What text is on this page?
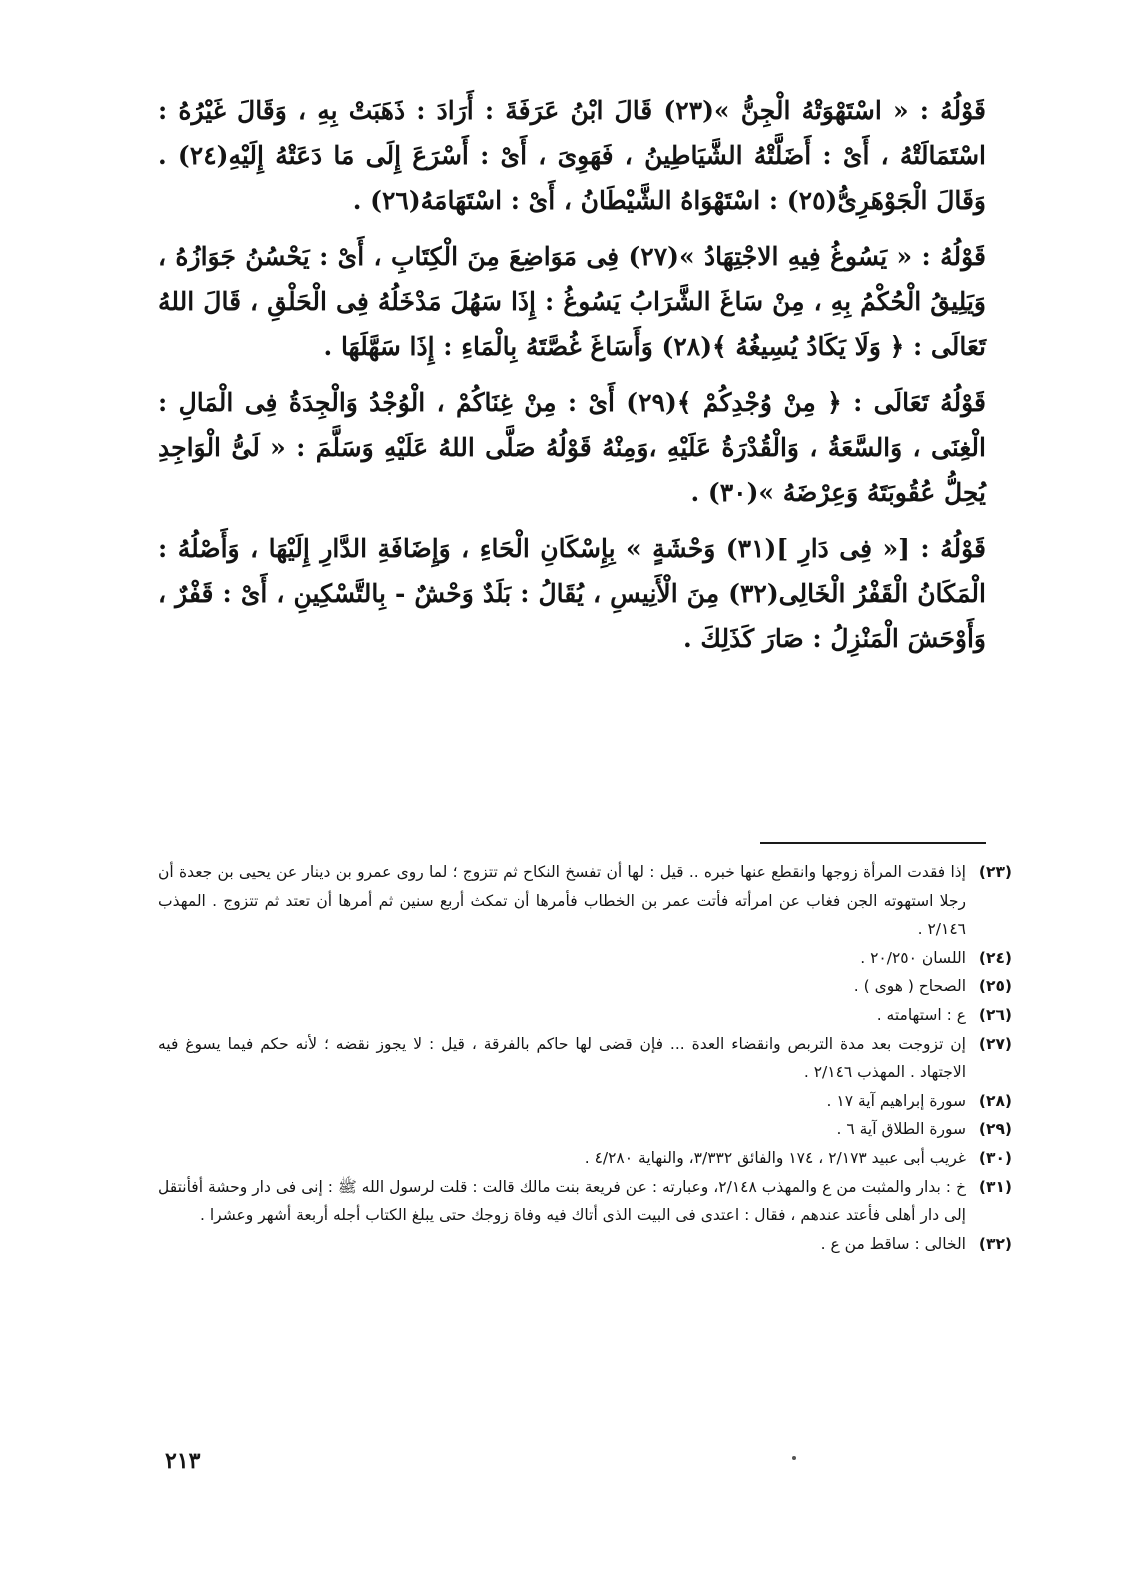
قَوْلُهُ : « اسْتَهْوَتْهُ الْجِنُّ »(٢٣) قَالَ ابْنُ عَرَفَةَ : أَرَادَ : ذَهَبَتْ بِهِ ، وَقَالَ غَيْرُهُ : اسْتَمَالَتْهُ ، أَىْ : أَضَلَّتْهُ الشَّيَاطِينُ ، فَهَوِىَ ، أَىْ : أَسْرَعَ إِلَى مَا دَعَتْهُ إِلَيْهِ(٢٤) . وَقَالَ الْجَوْهَرِىُّ(٢٥) : اسْتَهْوَاهُ الشَّيْطَانُ ، أَىْ : اسْتَهَامَهُ(٢٦) .

قَوْلُهُ : « يَسُوغُ فِيهِ الاجْتِهَادُ »(٢٧) فِى مَوَاضِعَ مِنَ الْكِتَابِ ، أَىْ : يَحْسُنُ جَوَازُهُ ، وَيَلِيقُ الْحُكْمُ بِهِ ، مِنْ سَاغَ الشَّرَابُ يَسُوغُ : إِذَا سَهُلَ مَدْخَلُهُ فِى الْحَلْقِ ، قَالَ اللهُ تَعَالَى : ﴿ وَلَا يَكَادُ يُسِيغُهُ ﴾(٢٨) وَأَسَاغَ غُصَّتَهُ بِالْمَاءِ : إِذَا سَهَّلَهَا .

قَوْلُهُ تَعَالَى : ﴿ مِنْ وُجْدِكُمْ ﴾(٢٩) أَىْ : مِنْ غِنَاكُمْ ، الْوُجْدُ وَالْجِدَةُ فِى الْمَالِ : الْغِنَى ، وَالسَّعَةُ ، وَالْقُدْرَةُ عَلَيْهِ ،وَمِنْهُ قَوْلُهُ صَلَّى اللهُ عَلَيْهِ وَسَلَّمَ : « لَىُّ الْوَاجِدِ يُحِلُّ عُقُوبَتَهُ وَعِرْضَهُ »(٣٠) .

قَوْلُهُ : [« فِى دَارِ ](٣١) وَحْشَةٍ » بِإِسْكَانِ الْحَاءِ ، وَإِضَافَةِ الدَّارِ إِلَيْهَا ، وَأَصْلُهُ : الْمَكَانُ الْقَفْرُ الْخَالِى(٣٢) مِنَ الْأَنِيسِ ، يُقَالُ : بَلَدٌ وَحْشٌ - بِالتَّسْكِينِ ، أَىْ : قَفْرٌ ، وَأَوْحَشَ الْمَنْزِلُ : صَارَ كَذَلِكَ .

(٢٣)
إذا فقدت المرأة زوجها وانقطع عنها خبره .. قيل : لها أن تفسخ النكاح ثم تتزوج ؛ لما روى عمرو بن دينار عن يحيى بن جعدة أن رجلا استهوته الجن فغاب عن امرأته فأتت عمر بن الخطاب فأمرها أن تمكث أربع سنين ثم أمرها أن تعتد ثم تتزوج . المهذب ٢/١٤٦ .
(٢٤)
اللسان ٢٠/٢٥٠ .
(٢٥)
الصحاح ( هوى ) .
(٢٦)
ع : استهامته .
(٢٧)
إن تزوجت بعد مدة التربص وانقضاء العدة ... فإن قضى لها حاكم بالفرقة ، قيل : لا يجوز نقضه ؛ لأنه حكم فيما يسوغ فيه الاجتهاد . المهذب ٢/١٤٦ .
(٢٨)
سورة إبراهيم آية ١٧ .
(٢٩)
سورة الطلاق آية ٦ .
(٣٠)
غريب أبى عبيد ٢/١٧٣ ، ١٧٤ والفائق ٣/٣٣٢، والنهاية ٤/٢٨٠ .
(٣١)
خ : بدار والمثبت من ع والمهذب ٢/١٤٨، وعبارته : عن فريعة بنت مالك قالت : قلت لرسول الله ﷺ : إنى فى دار وحشة أفأنتقل إلى دار أهلى فأعتد عندهم ، فقال : اعتدى فى البيت الذى أتاك فيه وفاة زوجك حتى يبلغ الكتاب أجله أربعة أشهر وعشرا .
(٣٢)
الخالى : ساقط من ع .
٢١٣
